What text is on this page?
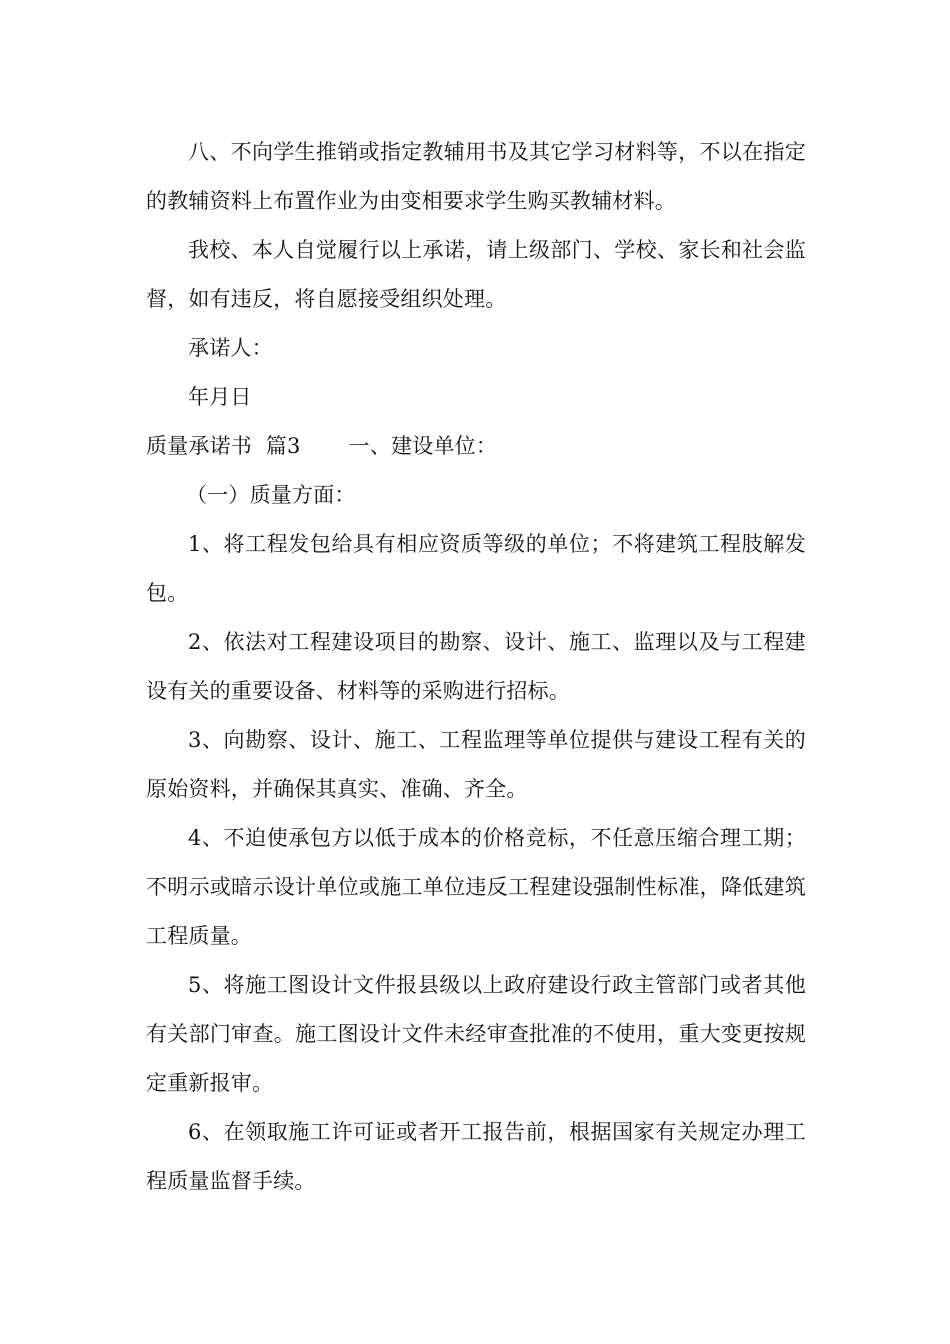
八、不向学生推销或指定教辅用书及其它学习材料等，不以在指定的教辅资料上布置作业为由变相要求学生购买教辅材料。

我校、本人自觉履行以上承诺，请上级部门、学校、家长和社会监督，如有违反，将自愿接受组织处理。

承诺人：

年月日

质量承诺书  篇3       一、建设单位：

（一）质量方面：

1、将工程发包给具有相应资质等级的单位；不将建筑工程肢解发包。

2、依法对工程建设项目的勘察、设计、施工、监理以及与工程建设有关的重要设备、材料等的采购进行招标。

3、向勘察、设计、施工、工程监理等单位提供与建设工程有关的原始资料，并确保其真实、准确、齐全。

4、不迫使承包方以低于成本的价格竞标，不任意压缩合理工期；不明示或暗示设计单位或施工单位违反工程建设强制性标准，降低建筑工程质量。

5、将施工图设计文件报县级以上政府建设行政主管部门或者其他有关部门审查。施工图设计文件未经审查批准的不使用，重大变更按规定重新报审。

6、在领取施工许可证或者开工报告前，根据国家有关规定办理工程质量监督手续。
